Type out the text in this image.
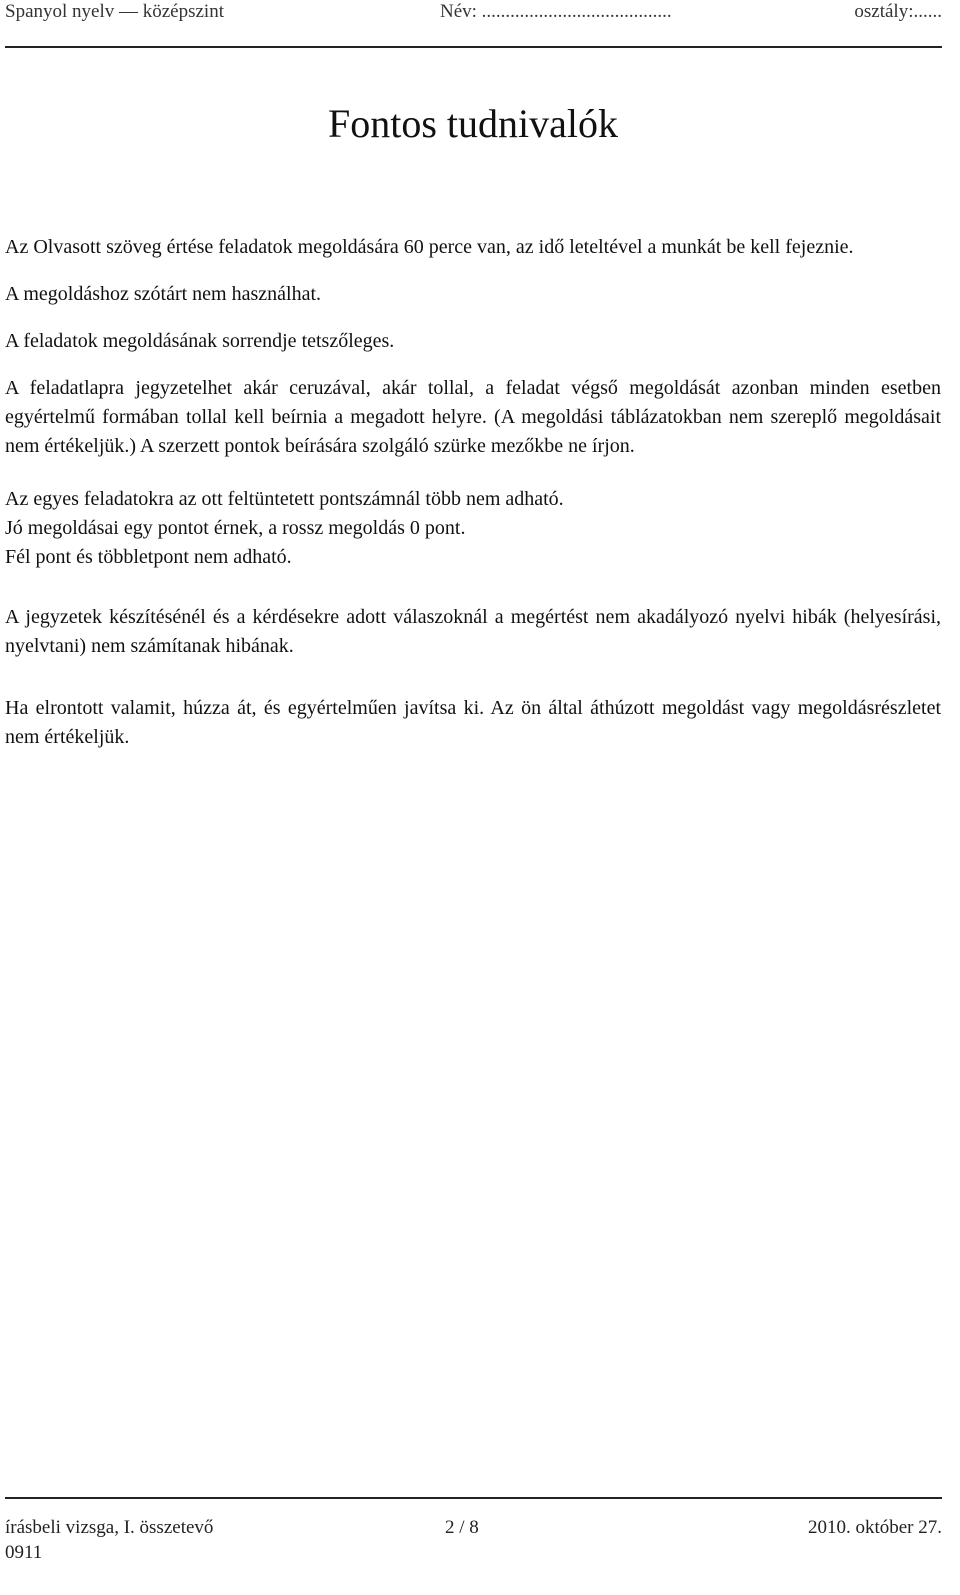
Spanyol nyelv — középszint	Név: ........................................	osztály:......
Fontos tudnivalók

Az Olvasott szöveg értése feladatok megoldására 60 perce van, az idő leteltével a munkát be kell fejeznie.

A megoldáshoz szótárt nem használhat.

A feladatok megoldásának sorrendje tetszőleges.

A feladatlapra jegyzetelhet akár ceruzával, akár tollal, a feladat végső megoldását azonban minden esetben egyértelmű formában tollal kell beírnia a megadott helyre. (A megoldási táblázatokban nem szereplő megoldásait nem értékeljük.) A szerzett pontok beírására szolgáló szürke mezőkbe ne írjon.

Az egyes feladatokra az ott feltüntetett pontszámnál több nem adható.

Jó megoldásai egy pontot érnek, a rossz megoldás 0 pont.

Fél pont és többletpont nem adható.

A jegyzetek készítésénél és a kérdésekre adott válaszoknál a megértést nem akadályozó nyelvi hibák (helyesírási, nyelvtani) nem számítanak hibának.

Ha elrontott valamit, húzza át, és egyértelműen javítsa ki. Az ön által áthúzott megoldást vagy megoldásrészletet nem értékeljük.

írásbeli vizsga, I. összetevő	2 / 8	2010. október 27.
0911
